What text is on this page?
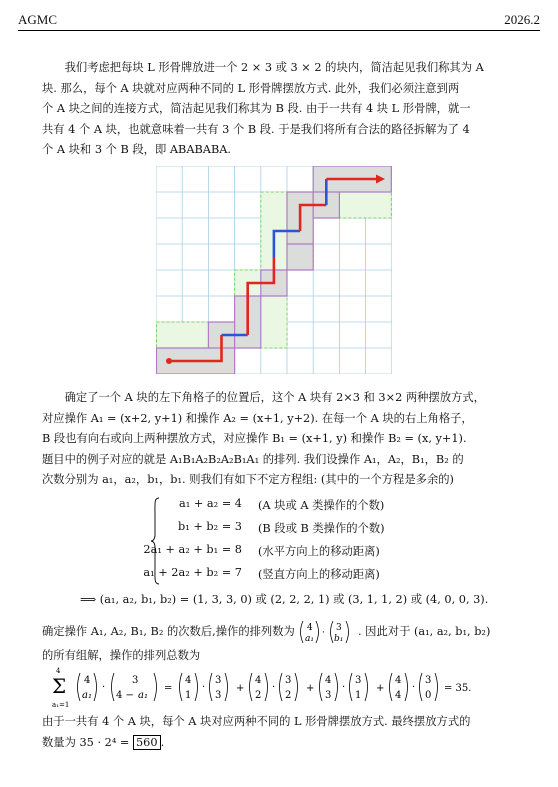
AGMC	2026.2

我们考虑把每块 L 形骨牌放进一个 2 × 3 或 3 × 2 的块内，简洁起见我们称其为 A

块. 那么，每个 A 块就对应两种不同的 L 形骨牌摆放方式. 此外，我们必须注意到两

个 A 块之间的连接方式，简洁起见我们称其为 B 段. 由于一共有 4 块 L 形骨牌，就一

共有 4 个 A 块，也就意味着一共有 3 个 B 段. 于是我们将所有合法的路径拆解为了 4

个 A 块和 3 个 B 段，即 ABABABA.

确定了一个 A 块的左下角格子的位置后，这个 A 块有 2×3 和 3×2 两种摆放方式，

对应操作 A₁ = (x+2, y+1) 和操作 A₂ = (x+1, y+2). 在每一个 A 块的右上角格子，

B 段也有向右或向上两种摆放方式，对应操作 B₁ = (x+1, y) 和操作 B₂ = (x, y+1).

题目中的例子对应的就是 A₁B₁A₂B₂A₂B₁A₁ 的排列. 我们设操作 A₁，A₂，B₁，B₂ 的

次数分别为 a₁，a₂，b₁，b₁. 则我们有如下不定方程组: (其中的一个方程是多余的)

a₁ + a₂ = 4 (A 块或 A 类操作的个数)
b₁ + b₂ = 3 (B 段或 B 类操作的个数)
2a₁ + a₂ + b₁ = 8 (水平方向上的移动距离)
a₁ + 2a₂ + b₂ = 7 (竖直方向上的移动距离)
⟹ (a₁, a₂, b₁, b₂) = (1, 3, 3, 0) 或 (2, 2, 2, 1) 或 (3, 1, 1, 2) 或 (4, 0, 0, 3).

确定操作 A₁, A₂, B₁, B₂ 的次数后,操作的排列数为 4
a₁
· 3
b₁
. 因此对于 (a₁, a₂, b₁, b₂)

的所有组解，操作的排列总数为

4
Σ
a₁=1
4
a₁
·
3
4 − a₁
=
4
1
·
3
3
+
4
2
·
3
2
+
4
3
·
3
1
+
4
4
·
3
0
= 35.

由于一共有 4 个 A 块，每个 A 块对应两种不同的 L 形骨牌摆放方式. 最终摆放方式的

数量为 35 · 2⁴ = 560 .
